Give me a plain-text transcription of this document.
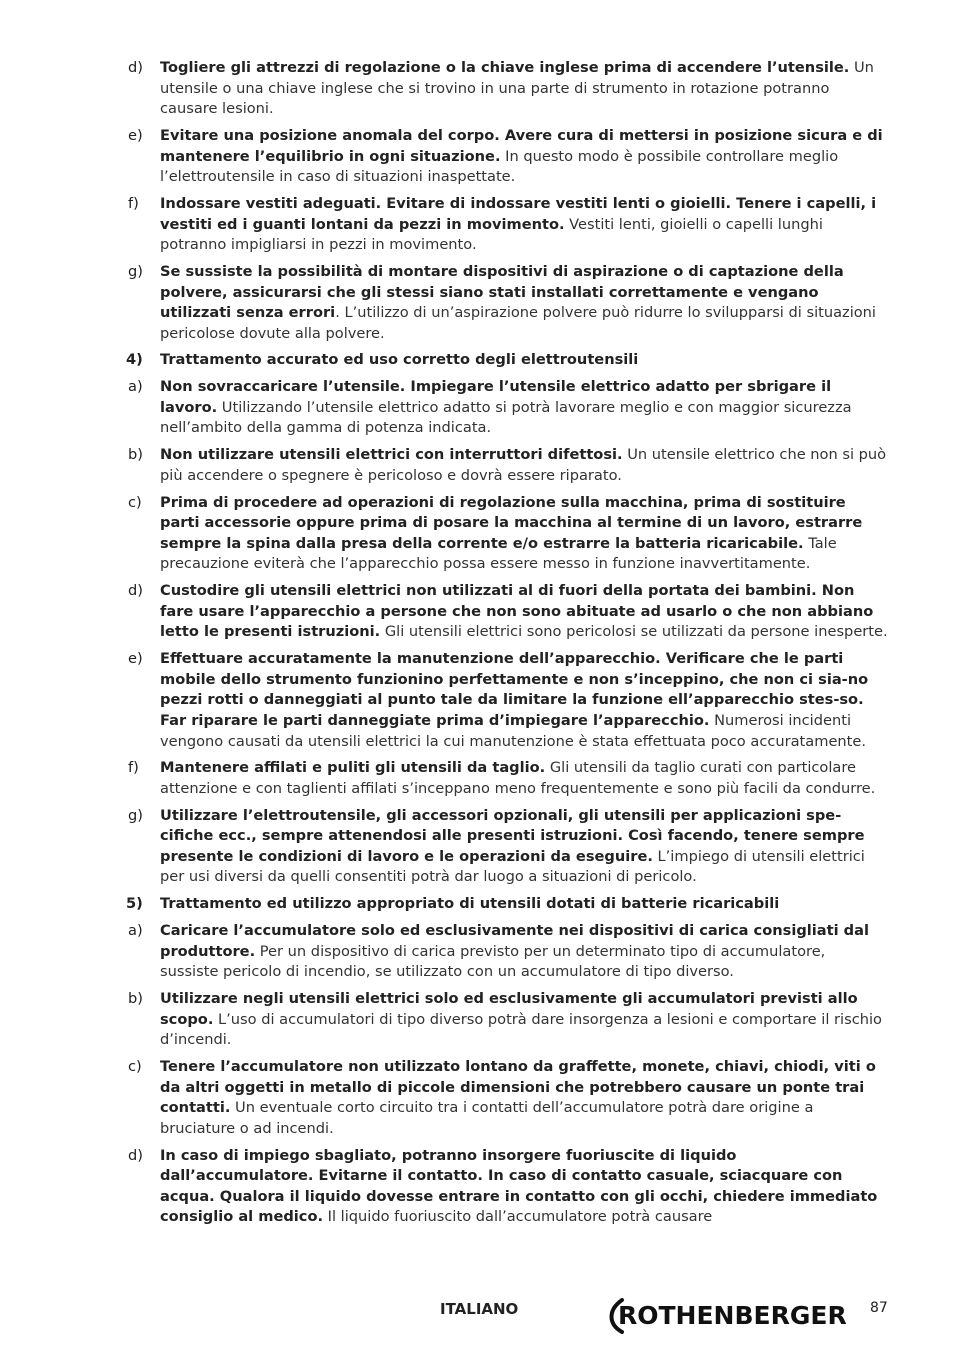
d) Togliere gli attrezzi di regolazione o la chiave inglese prima di accendere l’utensile. Un utensile o una chiave inglese che si trovino in una parte di strumento in rotazione potranno causare lesioni.
e) Evitare una posizione anomala del corpo. Avere cura di mettersi in posizione sicura e di mantenere l’equilibrio in ogni situazione. In questo modo è possibile controllare meglio l’elettroutensile in caso di situazioni inaspettate.
f) Indossare vestiti adeguati. Evitare di indossare vestiti lenti o gioielli. Tenere i capelli, i vestiti ed i guanti lontani da pezzi in movimento. Vestiti lenti, gioielli o capelli lunghi potranno impigliarsi in pezzi in movimento.
g) Se sussiste la possibilità di montare dispositivi di aspirazione o di captazione della polvere, assicurarsi che gli stessi siano stati installati correttamente e vengano utilizzati senza errori. L’utilizzo di un’aspirazione polvere può ridurre lo svilupparsi di situazioni pericolose dovute alla polvere.
4) Trattamento accurato ed uso corretto degli elettroutensili
a) Non sovraccaricare l’utensile. Impiegare l’utensile elettrico adatto per sbrigare il lavoro. Utilizzando l’utensile elettrico adatto si potrà lavorare meglio e con maggior sicurezza nell’ambito della gamma di potenza indicata.
b) Non utilizzare utensili elettrici con interruttori difettosi. Un utensile elettrico che non si può più accendere o spegnere è pericoloso e dovrà essere riparato.
c) Prima di procedere ad operazioni di regolazione sulla macchina, prima di sostituire parti accessorie oppure prima di posare la macchina al termine di un lavoro, estrarre sempre la spina dalla presa della corrente e/o estrarre la batteria ricaricabile. Tale precauzione eviterà che l’apparecchio possa essere messo in funzione inavvertitamente.
d) Custodire gli utensili elettrici non utilizzati al di fuori della portata dei bambini. Non fare usare l’apparecchio a persone che non sono abituate ad usarlo o che non abbiano letto le presenti istruzioni. Gli utensili elettrici sono pericolosi se utilizzati da persone inesperte.
e) Effettuare accuratamente la manutenzione dell’apparecchio. Verificare che le parti mobile dello strumento funzionino perfettamente e non s’inceppino, che non ci sia-no pezzi rotti o danneggiati al punto tale da limitare la funzione ell’apparecchio stes-so. Far riparare le parti danneggiate prima d’impiegare l’apparecchio. Numerosi incidenti vengono causati da utensili elettrici la cui manutenzione è stata effettuata poco accuratamente.
f) Mantenere affilati e puliti gli utensili da taglio. Gli utensili da taglio curati con particolare attenzione e con taglienti affilati s’inceppano meno frequentemente e sono più facili da condurre.
g) Utilizzare l’elettroutensile, gli accessori opzionali, gli utensili per applicazioni spe-cifiche ecc., sempre attenendosi alle presenti istruzioni. Così facendo, tenere sempre presente le condizioni di lavoro e le operazioni da eseguire. L’impiego di utensili elettrici per usi diversi da quelli consentiti potrà dar luogo a situazioni di pericolo.
5) Trattamento ed utilizzo appropriato di utensili dotati di batterie ricaricabili
a) Caricare l’accumulatore solo ed esclusivamente nei dispositivi di carica consigliati dal produttore. Per un dispositivo di carica previsto per un determinato tipo di accumulatore, sussiste pericolo di incendio, se utilizzato con un accumulatore di tipo diverso.
b) Utilizzare negli utensili elettrici solo ed esclusivamente gli accumulatori previsti allo scopo. L’uso di accumulatori di tipo diverso potrà dare insorgenza a lesioni e comportare il rischio d’incendi.
c) Tenere l’accumulatore non utilizzato lontano da graffette, monete, chiavi, chiodi, viti o da altri oggetti in metallo di piccole dimensioni che potrebbero causare un ponte trai contatti. Un eventuale corto circuito tra i contatti dell’accumulatore potrà dare origine a bruciature o ad incendi.
d) In caso di impiego sbagliato, potranno insorgere fuoriuscite di liquido dall’accumulatore. Evitarne il contatto. In caso di contatto casuale, sciacquare con acqua. Qualora il liquido dovesse entrare in contatto con gli occhi, chiedere immediato consiglio al medico. Il liquido fuoriuscito dall’accumulatore potrà causare
ITALIANO	ROTHENBERGER 87
